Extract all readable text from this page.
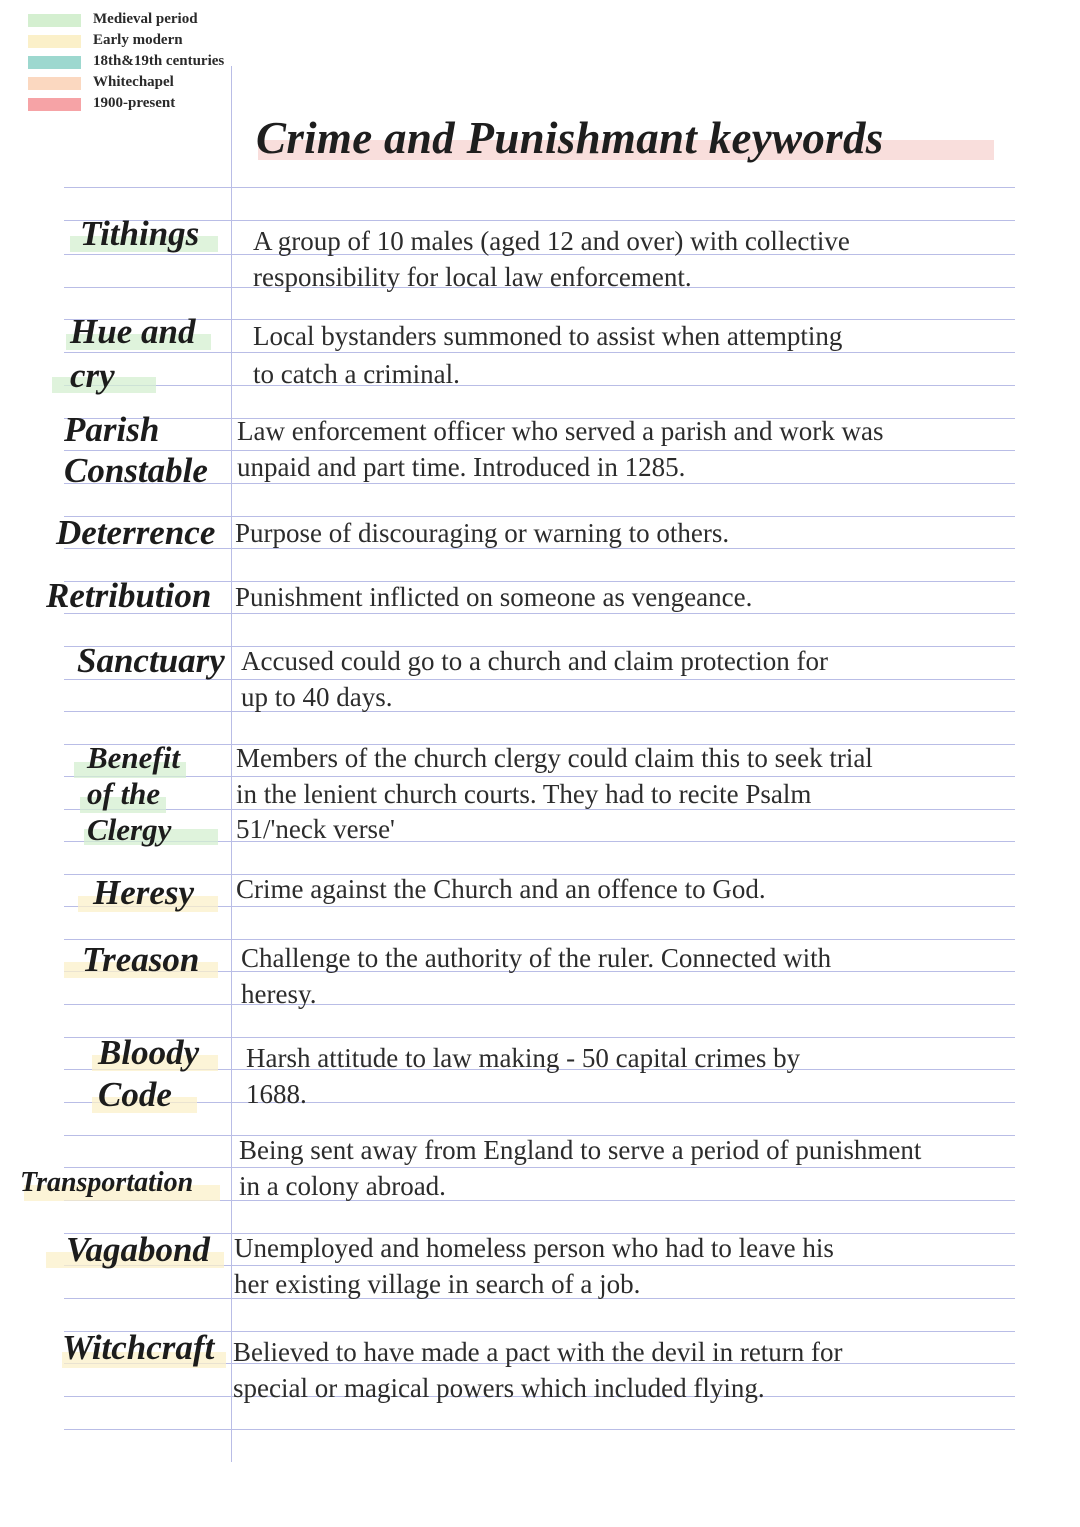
Medieval period
Early modern
18th&19th centuries
Whitechapel
1900-present
Crime and Punishmant keywords
Tithings A group of 10 males (aged 12 and over) with collective
responsibility for local law enforcement.
Hue and
cry
Local bystanders summoned to assist when attempting
to catch a criminal.
Parish
Constable
Law enforcement officer who served a parish and work was
unpaid and part time. Introduced in 1285.
Deterrence Purpose of discouraging or warning to others.
Retribution Punishment inflicted on someone as vengeance.
Sanctuary Accused could go to a church and claim protection for
up to 40 days.
Benefit
of the
Clergy
Members of the church clergy could claim this to seek trial
in the lenient church courts. They had to recite Psalm
51/'neck verse'
Heresy Crime against the Church and an offence to God.
Treason Challenge to the authority of the ruler. Connected with
heresy.
Bloody
Code
Harsh attitude to law making - 50 capital crimes by
1688.
Transportation
Being sent away from England to serve a period of punishment
in a colony abroad.
Vagabond Unemployed and homeless person who had to leave his
her existing village in search of a job.
Witchcraft Believed to have made a pact with the devil in return for
special or magical powers which included flying.
